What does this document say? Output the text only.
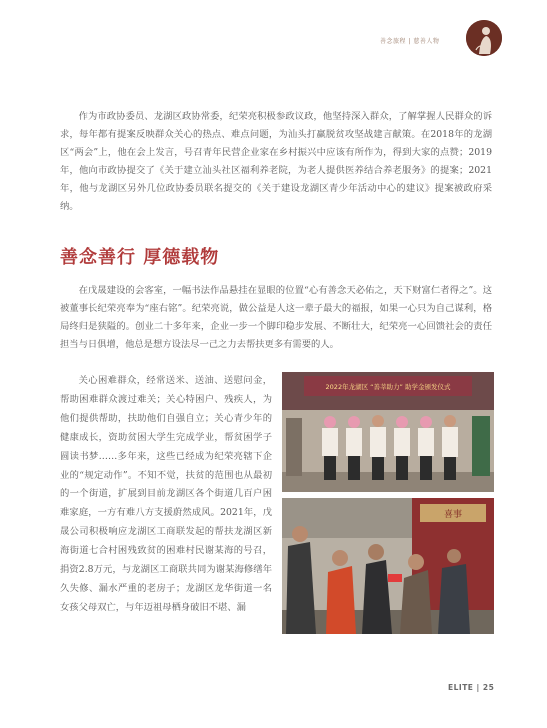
善念旅程 | 慈善人物
作为市政协委员、龙湖区政协常委，纪荣亮积极参政议政，他坚持深入群众，了解掌握人民群众的诉求，每年都有提案反映群众关心的热点、难点问题，为汕头打赢脱贫攻坚战建言献策。在2018年的龙湖区“两会”上，他在会上发言，号召青年民营企业家在乡村振兴中应该有所作为，得到大家的点赞；2019年，他向市政协提交了《关于建立汕头社区福利养老院，为老人提供医养结合养老服务》的提案；2021年，他与龙湖区另外几位政协委员联名提交的《关于建设龙湖区青少年活动中心的建议》提案被政府采纳。
善念善行 厚德载物
在戊晟建设的会客室，一幅书法作品悬挂在显眼的位置“心有善念天必佑之，天下财富仁者得之”。这被董事长纪荣亮奉为“座右铭”。纪荣亮说，做公益是人这一辈子最大的福报，如果一心只为自己谋利，格局终归是狭隘的。创业二十多年来，企业一步一个脚印稳步发展、不断壮大，纪荣亮一心回馈社会的责任担当与日俱增，他总是想方设法尽一己之力去帮扶更多有需要的人。
关心困难群众，经常送米、送油、送慰问金，帮助困难群众渡过难关；关心特困户、残疾人，为他们提供帮助，扶助他们自强自立；关心青少年的健康成长，资助贫困大学生完成学业，帮贫困学子圆读书梦……多年来，这些已经成为纪荣亮辖下企业的“规定动作”。不知不觉，扶贫的范围也从最初的一个街道，扩展到目前龙湖区各个街道几百户困难家庭，一方有难八方支援蔚然成风。2021年，戊晟公司积极响应龙湖区工商联发起的帮扶龙湖区新海街道七合村困残致贫的困难村民谢某海的号召，捐资2.8万元，与龙湖区工商联共同为谢某海修缮年久失修、漏水严重的老房子；龙湖区龙华街道一名女孩父母双亡，与年迈祖母栖身破旧不堪、漏
2022年龙湖区 “善莘助力” 助学金颁发仪式
喜事
ELITE | 25
